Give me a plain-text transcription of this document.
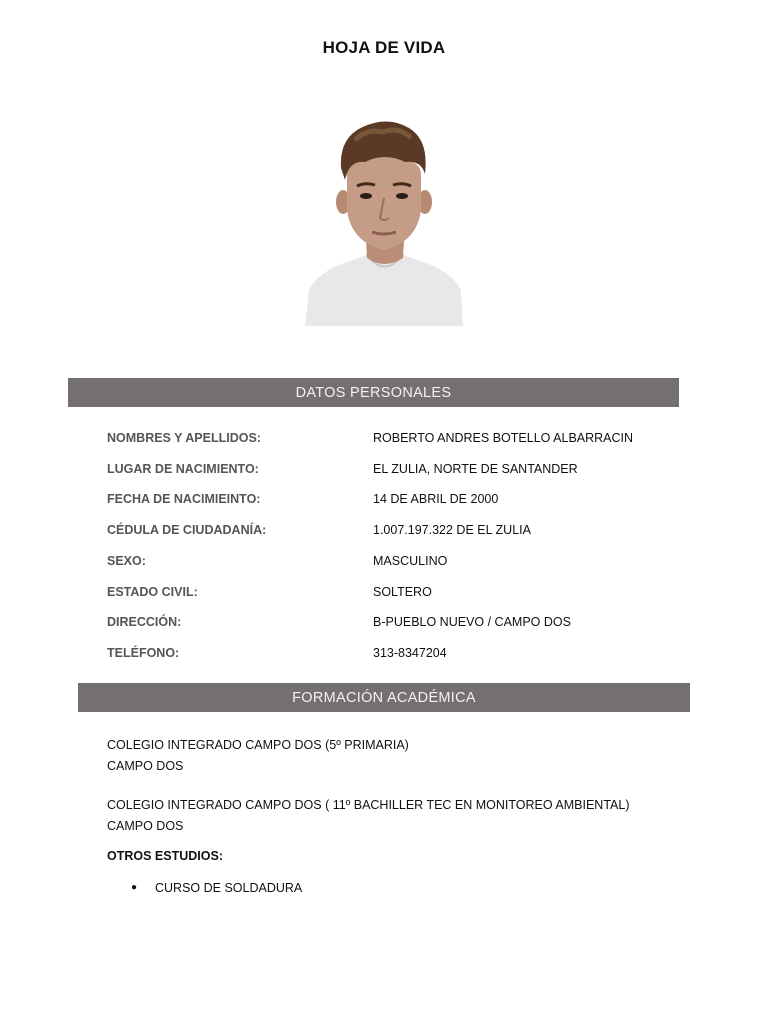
HOJA DE VIDA
DATOS PERSONALES
NOMBRES Y APELLIDOS:	ROBERTO ANDRES BOTELLO ALBARRACIN
LUGAR DE NACIMIENTO:	EL ZULIA, NORTE DE SANTANDER
FECHA DE NACIMIEINTO:	14 DE ABRIL DE 2000
CÉDULA DE CIUDADANÍA:	1.007.197.322 DE EL ZULIA
SEXO:	MASCULINO
ESTADO CIVIL:	SOLTERO
DIRECCIÓN:	B-PUEBLO NUEVO / CAMPO DOS
TELÉFONO:	313-8347204
FORMACIÓN ACADÉMICA
COLEGIO INTEGRADO CAMPO DOS (5º PRIMARIA)
CAMPO DOS
COLEGIO INTEGRADO CAMPO DOS ( 11º BACHILLER TEC EN MONITOREO AMBIENTAL)
CAMPO DOS
OTROS ESTUDIOS:
● CURSO DE SOLDADURA
